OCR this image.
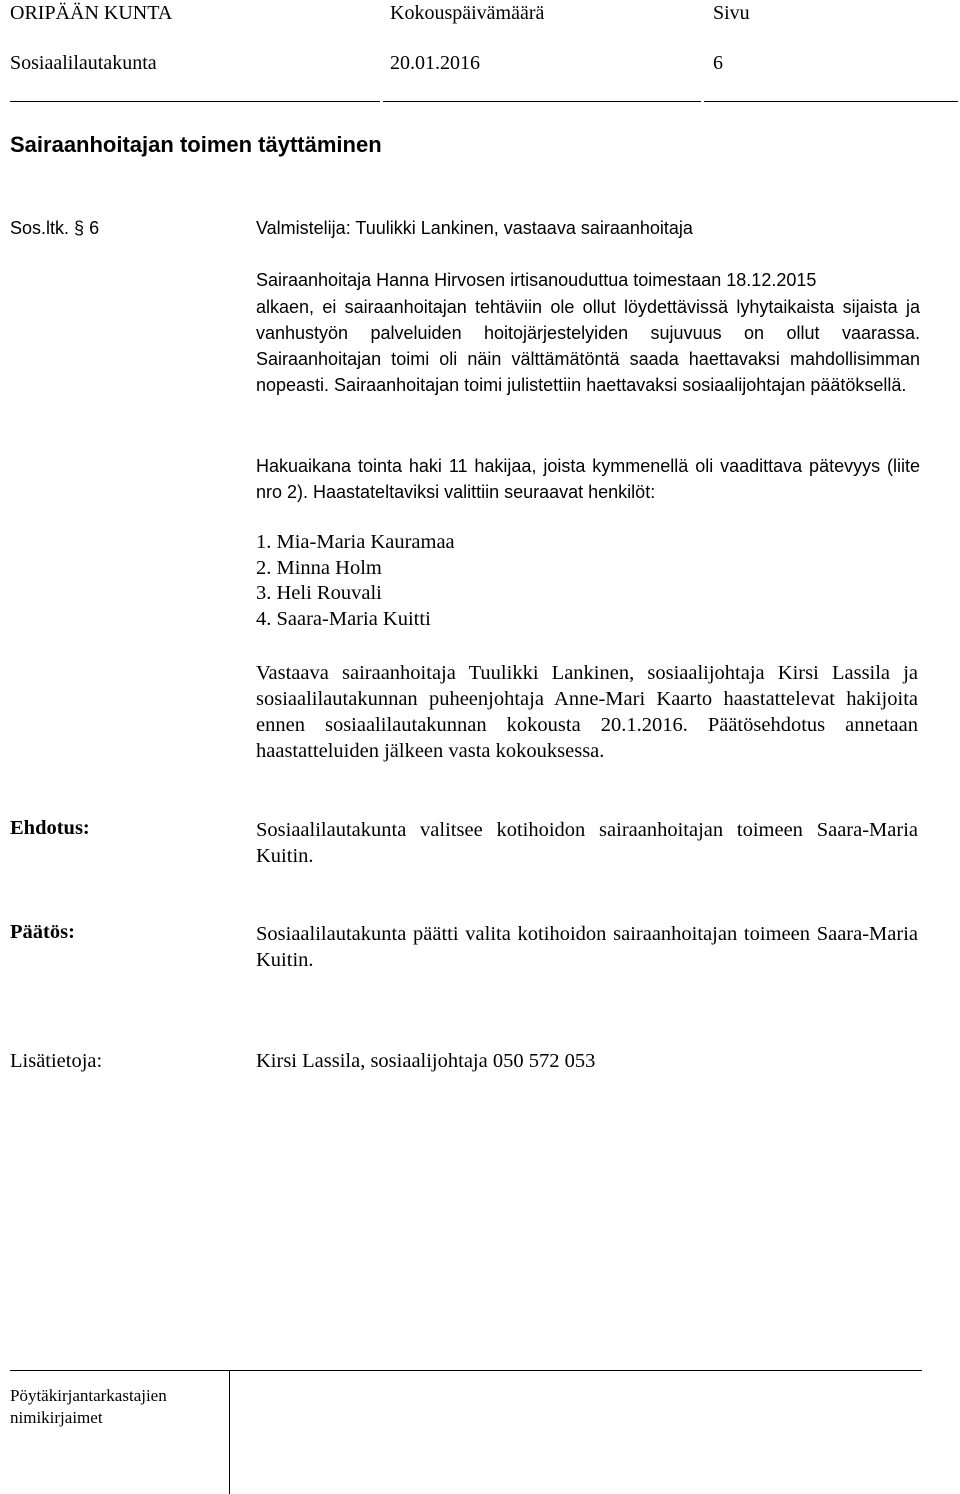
ORIPÄÄN KUNTA	Kokouspäivämäärä	Sivu
Sosiaalilautakunta	20.01.2016	6
Sairaanhoitajan toimen täyttäminen
Sos.ltk. § 6	Valmistelija: Tuulikki Lankinen, vastaava sairaanhoitaja
Sairaanhoitaja Hanna Hirvosen irtisanouduttua toimestaan 18.12.2015
alkaen, ei sairaanhoitajan tehtäviin ole ollut löydettävissä lyhytaikaista sijaista ja vanhustyön palveluiden hoitojärjestelyiden sujuvuus on ollut vaarassa. Sairaanhoitajan toimi oli näin välttämätöntä saada haettavaksi mahdollisimman nopeasti. Sairaanhoitajan toimi julistettiin haettavaksi sosiaalijohtajan päätöksellä.
Hakuaikana tointa haki 11 hakijaa, joista kymmenellä oli vaadittava pätevyys (liite nro 2). Haastateltaviksi valittiin seuraavat henkilöt:
1. Mia-Maria Kauramaa
2. Minna Holm
3. Heli Rouvali
4. Saara-Maria Kuitti
Vastaava sairaanhoitaja Tuulikki Lankinen, sosiaalijohtaja Kirsi Lassila ja sosiaalilautakunnan puheenjohtaja Anne-Mari Kaarto haastattelevat hakijoita ennen sosiaalilautakunnan kokousta 20.1.2016. Päätösehdotus annetaan haastatteluiden jälkeen vasta kokouksessa.
Ehdotus:	Sosiaalilautakunta valitsee kotihoidon sairaanhoitajan toimeen Saara-Maria Kuitin.
Päätös:	Sosiaalilautakunta päätti valita kotihoidon sairaanhoitajan toimeen Saara-Maria Kuitin.
Lisätietoja:	Kirsi Lassila, sosiaalijohtaja 050 572 053
Pöytäkirjantarkastajien
nimikirjaimet
